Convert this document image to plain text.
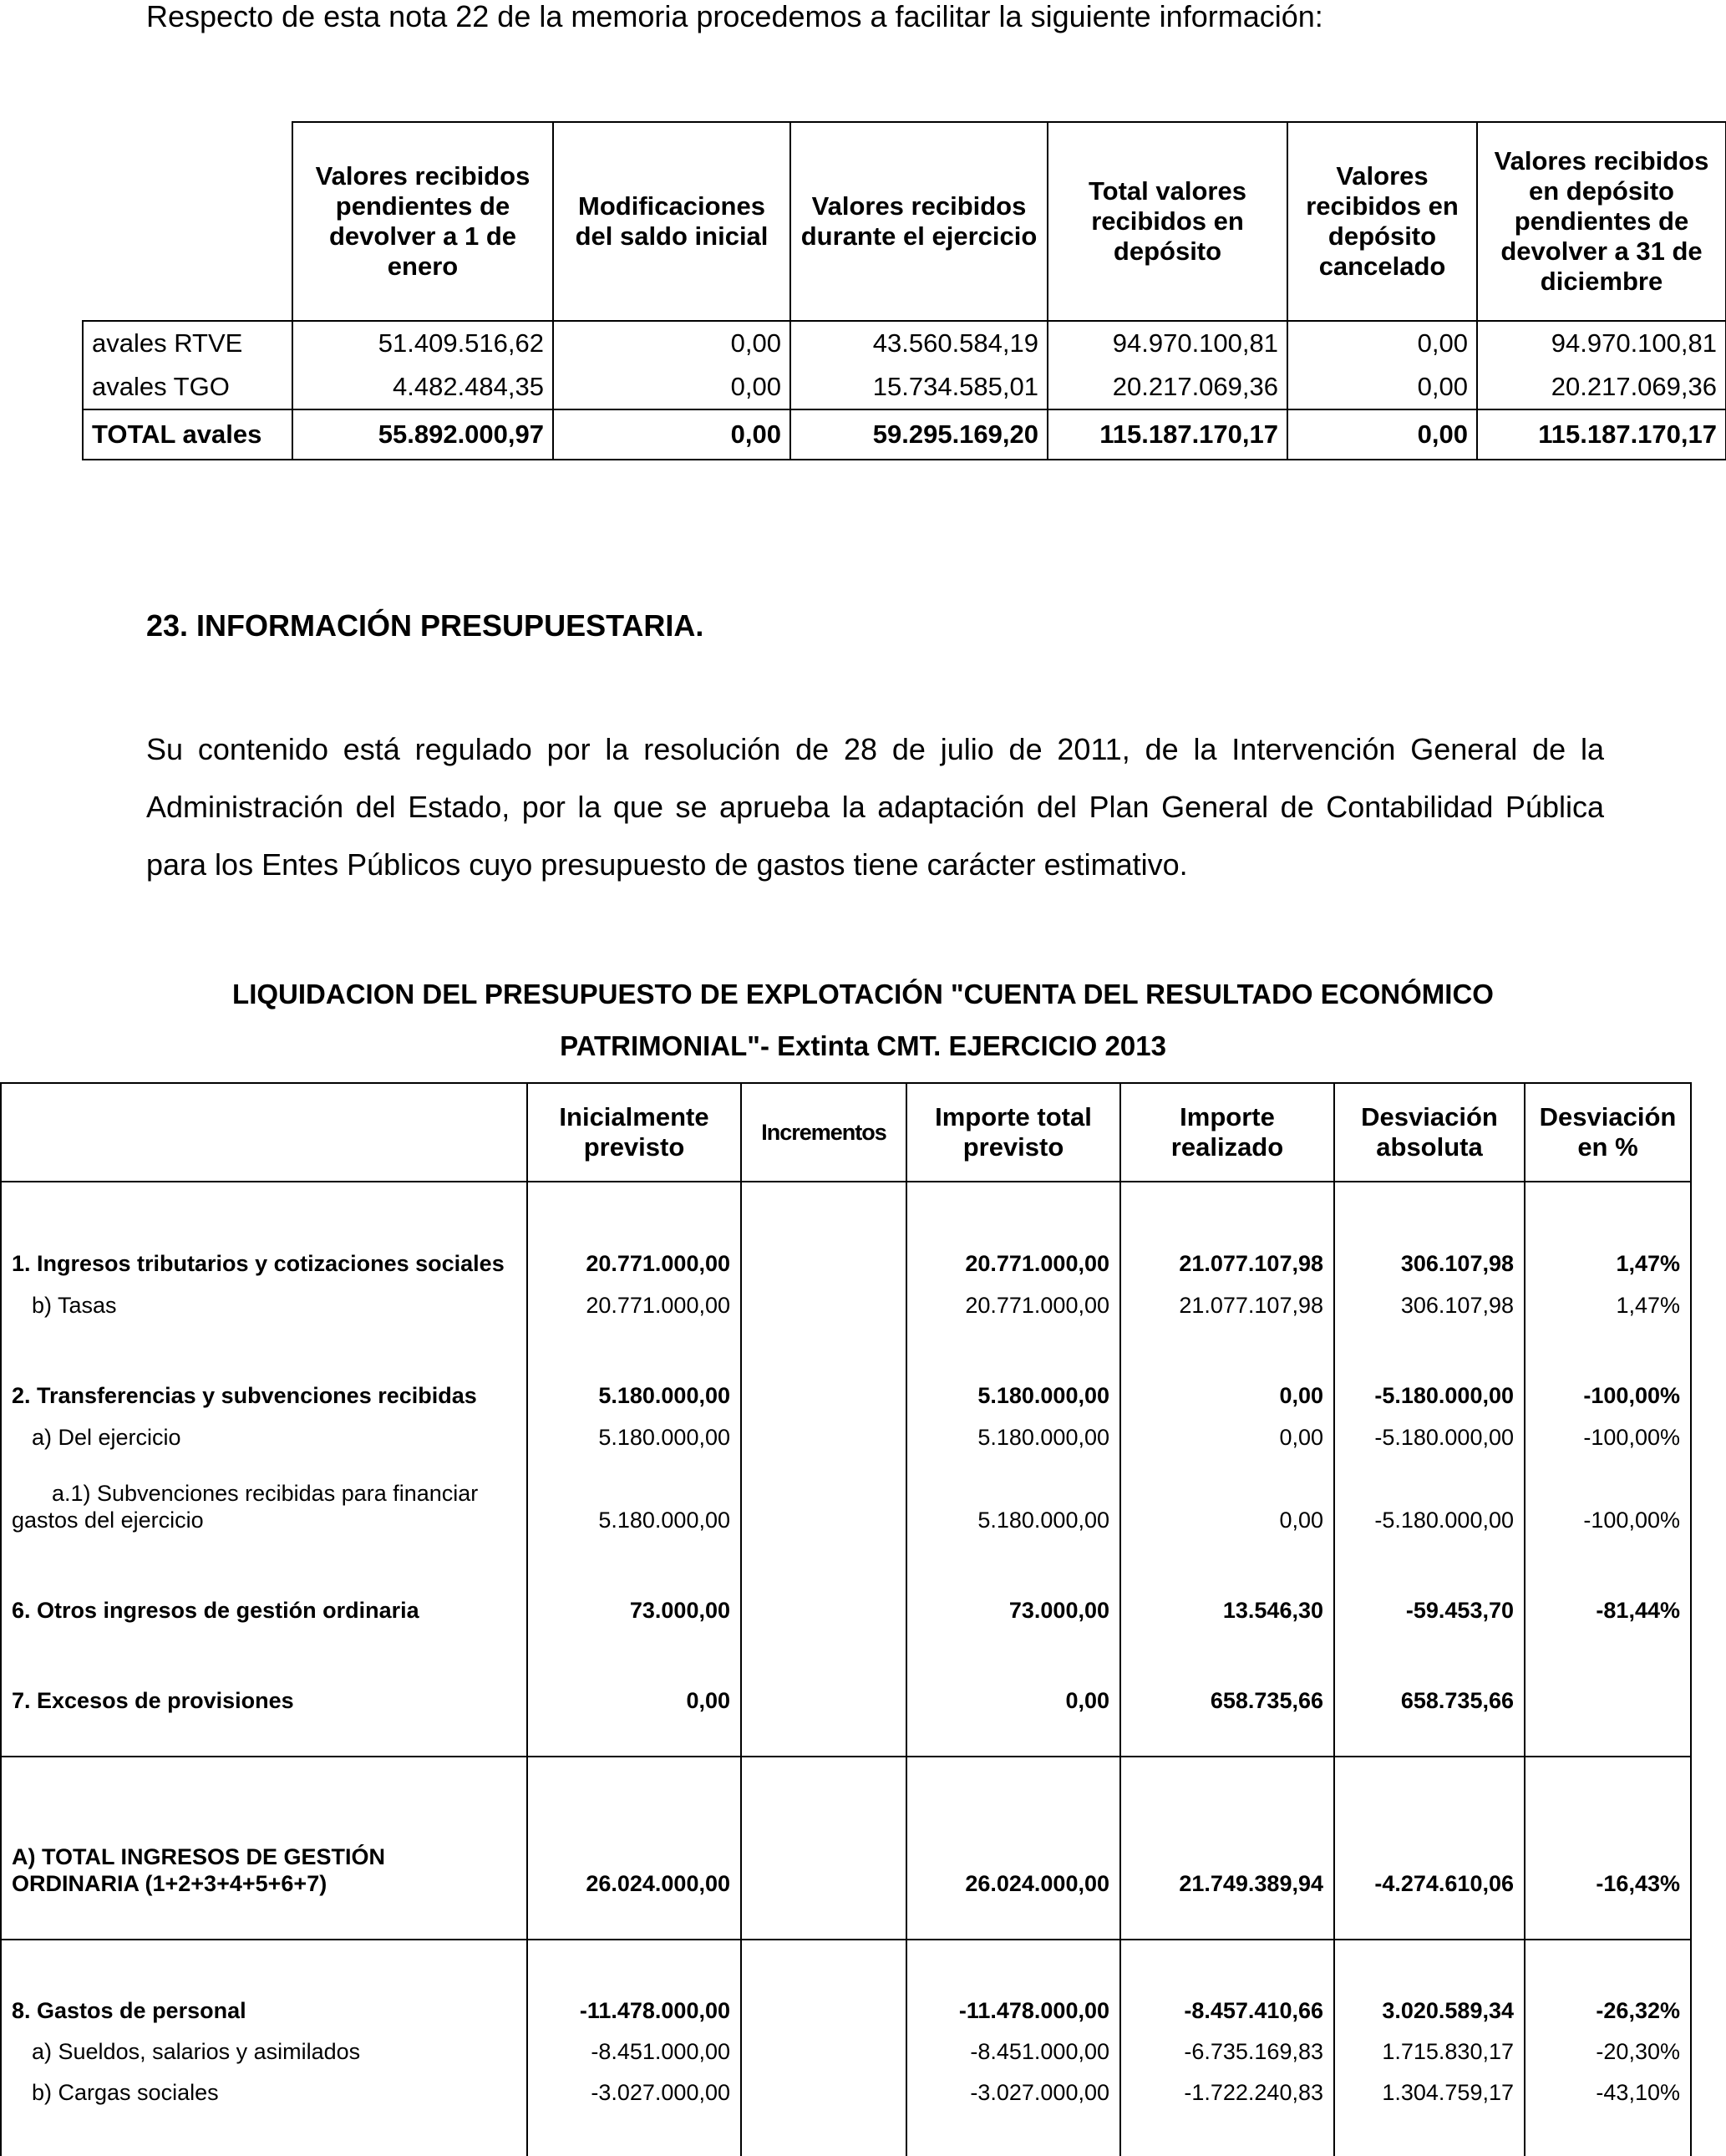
Respecto de esta nota 22 de la memoria procedemos a facilitar la siguiente información:
	Valores recibidos pendientes de devolver a 1 de enero	Modificaciones del saldo inicial	Valores recibidos durante el ejercicio	Total valores recibidos en depósito	Valores recibidos en depósito cancelado	Valores recibidos en depósito pendientes de devolver a 31 de diciembre
avales RTVE	51.409.516,62	0,00	43.560.584,19	94.970.100,81	0,00	94.970.100,81
avales TGO	4.482.484,35	0,00	15.734.585,01	20.217.069,36	0,00	20.217.069,36
TOTAL avales	55.892.000,97	0,00	59.295.169,20	115.187.170,17	0,00	115.187.170,17
23. INFORMACIÓN PRESUPUESTARIA.
Su contenido está regulado por la resolución de 28 de julio de 2011, de la Intervención General de la Administración del Estado, por la que se aprueba la adaptación del Plan General de Contabilidad Pública para los Entes Públicos cuyo presupuesto de gastos tiene carácter estimativo.
LIQUIDACION DEL PRESUPUESTO DE EXPLOTACIÓN "CUENTA DEL RESULTADO ECONÓMICO
PATRIMONIAL"- Extinta CMT. EJERCICIO 2013
	Inicialmente previsto	Incrementos	Importe total previsto	Importe realizado	Desviación absoluta	Desviación en %
1. Ingresos tributarios y cotizaciones sociales	20.771.000,00		20.771.000,00	21.077.107,98	306.107,98	1,47%
b) Tasas	20.771.000,00		20.771.000,00	21.077.107,98	306.107,98	1,47%
2. Transferencias y subvenciones recibidas	5.180.000,00		5.180.000,00	0,00	-5.180.000,00	-100,00%
a) Del ejercicio	5.180.000,00		5.180.000,00	0,00	-5.180.000,00	-100,00%

a.1) Subvenciones recibidas para financiar
gastos del ejercicio	5.180.000,00		5.180.000,00	0,00	-5.180.000,00	-100,00%
6. Otros ingresos de gestión ordinaria	73.000,00		73.000,00	13.546,30	-59.453,70	-81,44%
7. Excesos de provisiones	0,00		0,00	658.735,66	658.735,66	

A) TOTAL INGRESOS DE GESTIÓN
ORDINARIA (1+2+3+4+5+6+7)	26.024.000,00		26.024.000,00	21.749.389,94	-4.274.610,06	-16,43%

8. Gastos de personal	-11.478.000,00		-11.478.000,00	-8.457.410,66	3.020.589,34	-26,32%
a) Sueldos, salarios y asimilados	-8.451.000,00		-8.451.000,00	-6.735.169,83	1.715.830,17	-20,30%
b) Cargas sociales	-3.027.000,00		-3.027.000,00	-1.722.240,83	1.304.759,17	-43,10%
